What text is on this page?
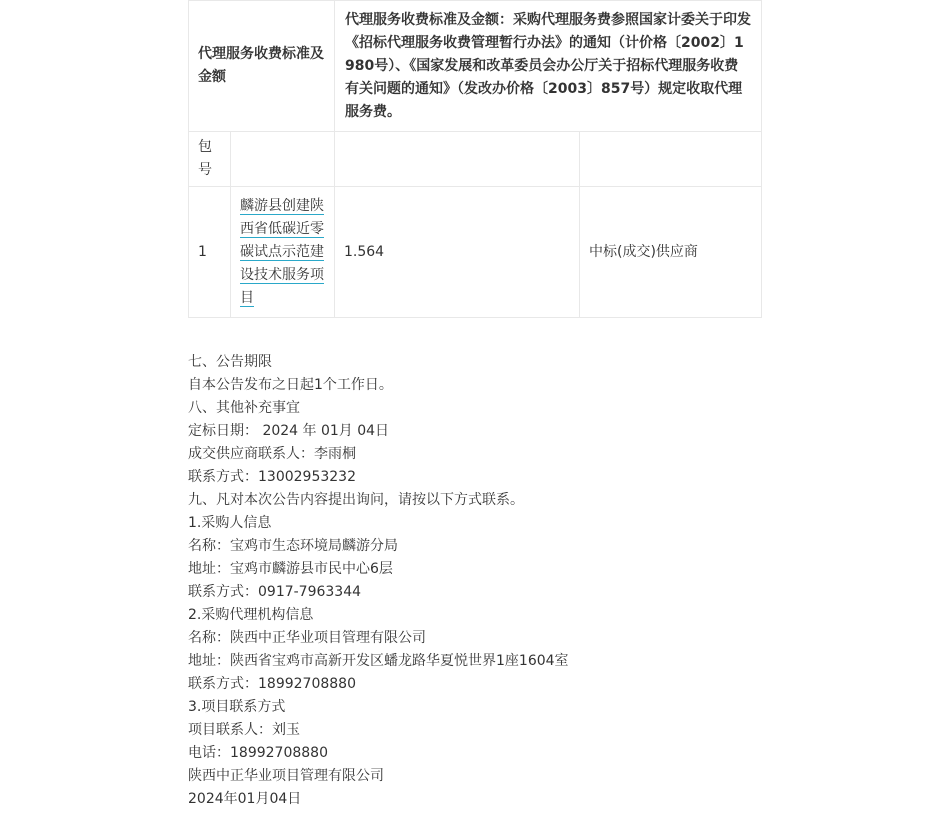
代理服务收费标准及金额		代理服务收费标准及金额：采购代理服务费参照国家计委关于印发《招标代理服务收费管理暂行办法》的通知（计价格〔2002〕1980号）、《国家发展和改革委员会办公厅关于招标代理服务收费有关问题的通知》（发改办价格〔2003〕857号）规定收取代理服务费。	
包号			
1	麟游县创建陕西省低碳近零碳试点示范建设技术服务项目	1.564	中标(成交)供应商
七、公告期限
自本公告发布之日起1个工作日。
八、其他补充事宜
定标日期： 2024 年 01月 04日
成交供应商联系人：李雨桐
联系方式：13002953232
九、凡对本次公告内容提出询问，请按以下方式联系。
1.采购人信息
名称：宝鸡市生态环境局麟游分局
地址：宝鸡市麟游县市民中心6层
联系方式：0917-7963344
2.采购代理机构信息
名称：陕西中正华业项目管理有限公司
地址：陕西省宝鸡市高新开发区蟠龙路华夏悦世界1座1604室
联系方式：18992708880
3.项目联系方式
项目联系人：刘玉
电话：18992708880
陕西中正华业项目管理有限公司
2024年01月04日
